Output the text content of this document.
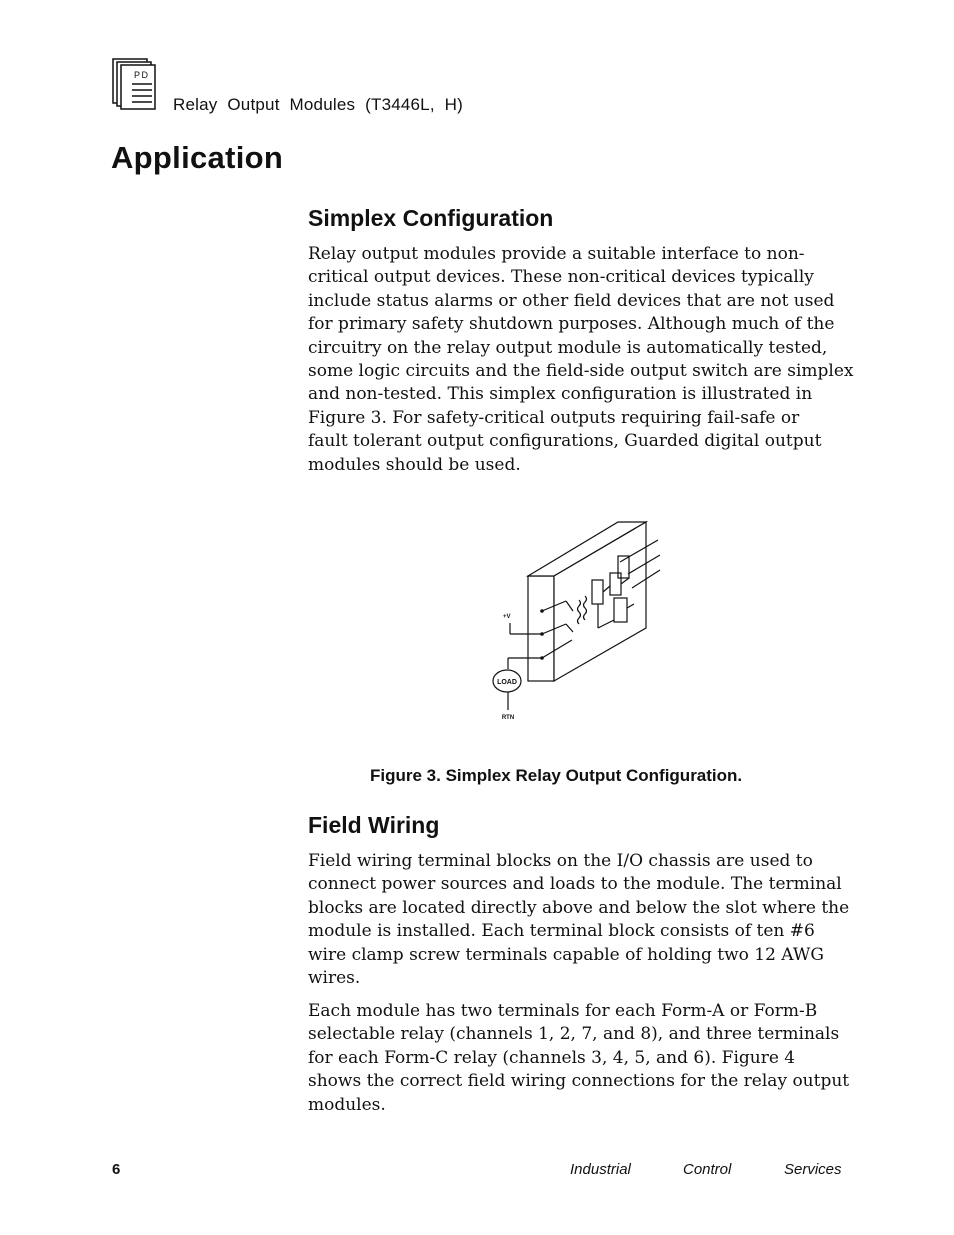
PD
Relay Output Modules (T3446L, H)
Application
Simplex Configuration

Relay output modules provide a suitable interface to non-
critical output devices. These non-critical devices typically
include status alarms or other field devices that are not used
for primary safety shutdown purposes. Although much of the
circuitry on the relay output module is automatically tested,
some logic circuits and the field-side output switch are simplex
and non-tested. This simplex configuration is illustrated in
Figure 3. For safety-critical outputs requiring fail-safe or
fault tolerant output configurations, Guarded digital output
modules should be used.

+V
LOAD
RTN

Figure 3. Simplex Relay Output Configuration.

Field Wiring

Field wiring terminal blocks on the I/O chassis are used to
connect power sources and loads to the module. The terminal
blocks are located directly above and below the slot where the
module is installed. Each terminal block consists of ten #6
wire clamp screw terminals capable of holding two 12 AWG
wires.

Each module has two terminals for each Form-A or Form-B
selectable relay (channels 1, 2, 7, and 8), and three terminals
for each Form-C relay (channels 3, 4, 5, and 6). Figure 4
shows the correct field wiring connections for the relay output
modules.

6	Industrial	Control	Services
